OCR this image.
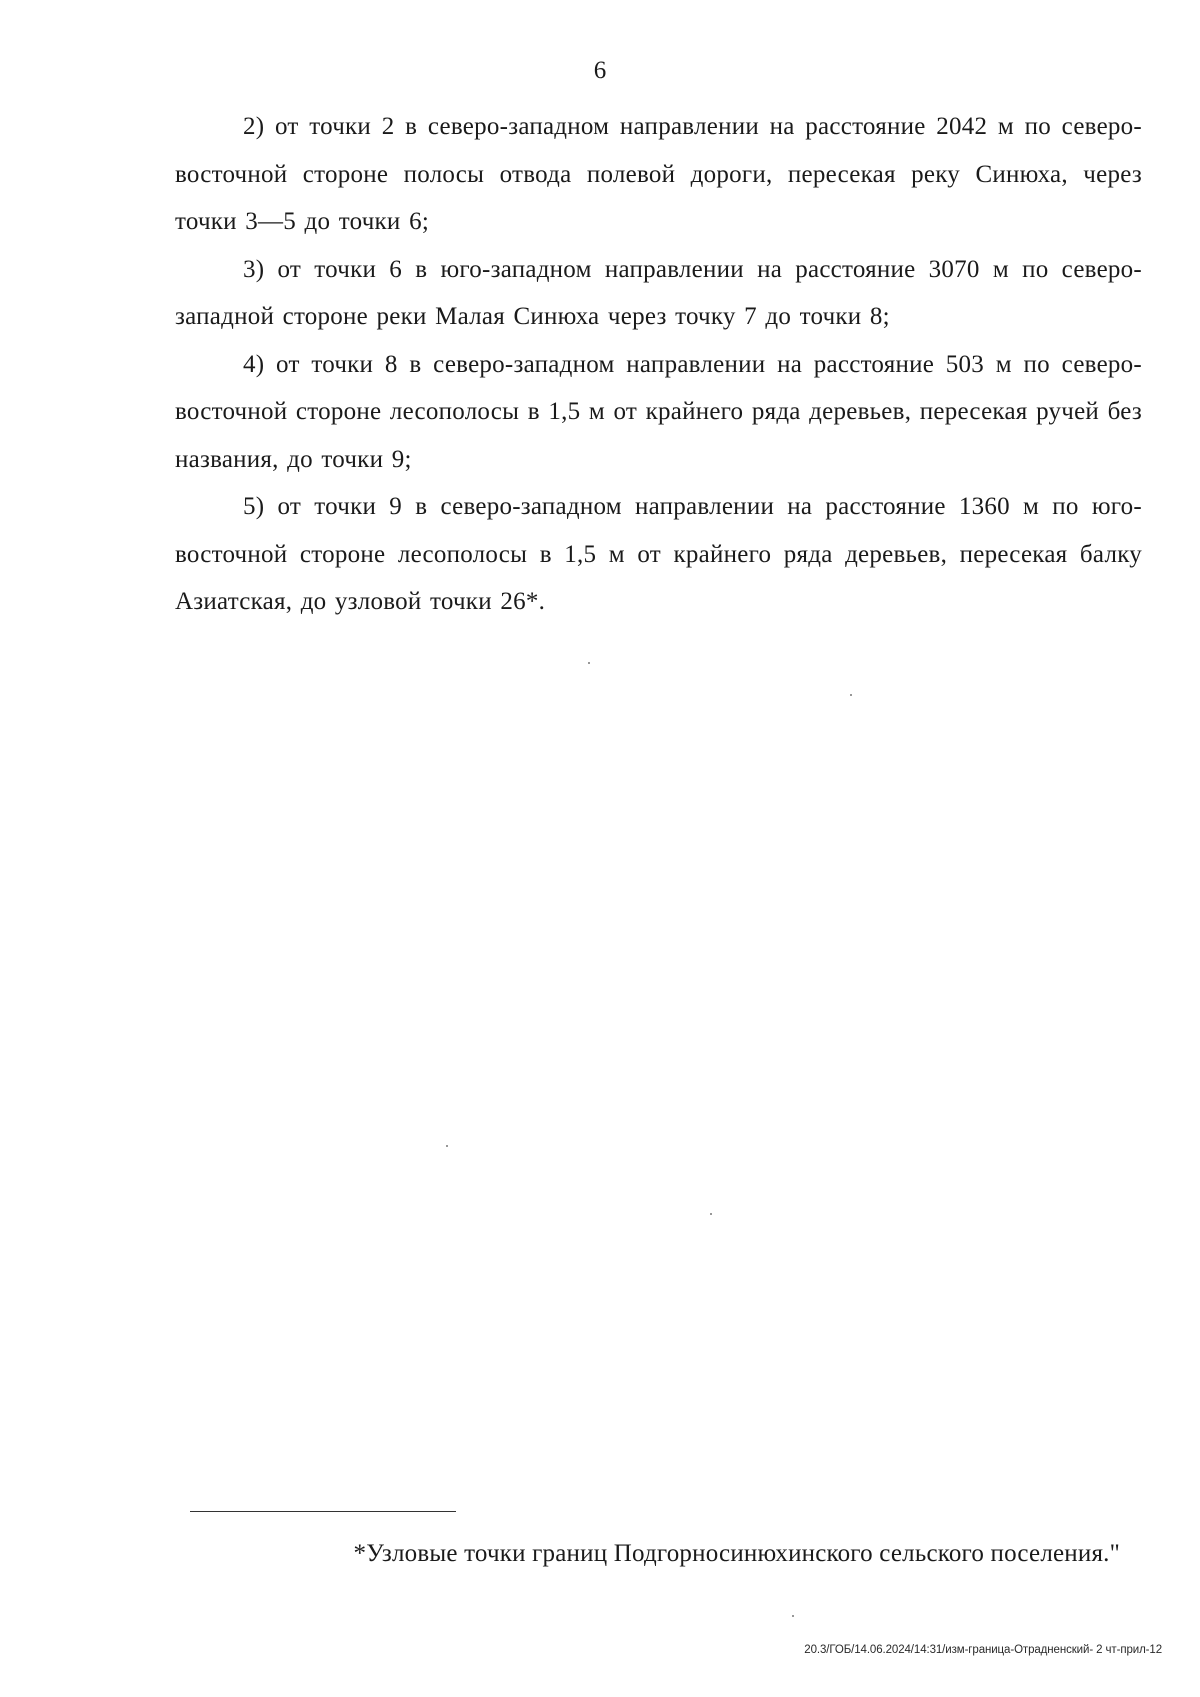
6

2) от точки 2 в северо-западном направлении на расстояние 2042 м по северо-восточной стороне полосы отвода полевой дороги, пересекая реку Синюха, через точки 3—5 до точки 6;

3) от точки 6 в юго-западном направлении на расстояние 3070 м по северо-западной стороне реки Малая Синюха через точку 7 до точки 8;

4) от точки 8 в северо-западном направлении на расстояние 503 м по северо-восточной стороне лесополосы в 1,5 м от крайнего ряда деревьев, пересекая ручей без названия, до точки 9;

5) от точки 9 в северо-западном направлении на расстояние 1360 м по юго-восточной стороне лесополосы в 1,5 м от крайнего ряда деревьев, пересекая балку Азиатская, до узловой точки 26*.

*Узловые точки границ Подгорносинюхинского сельского поселения."
20.3/ГОБ/14.06.2024/14:31/изм-граница-Отрадненский- 2 чт-прил-12
